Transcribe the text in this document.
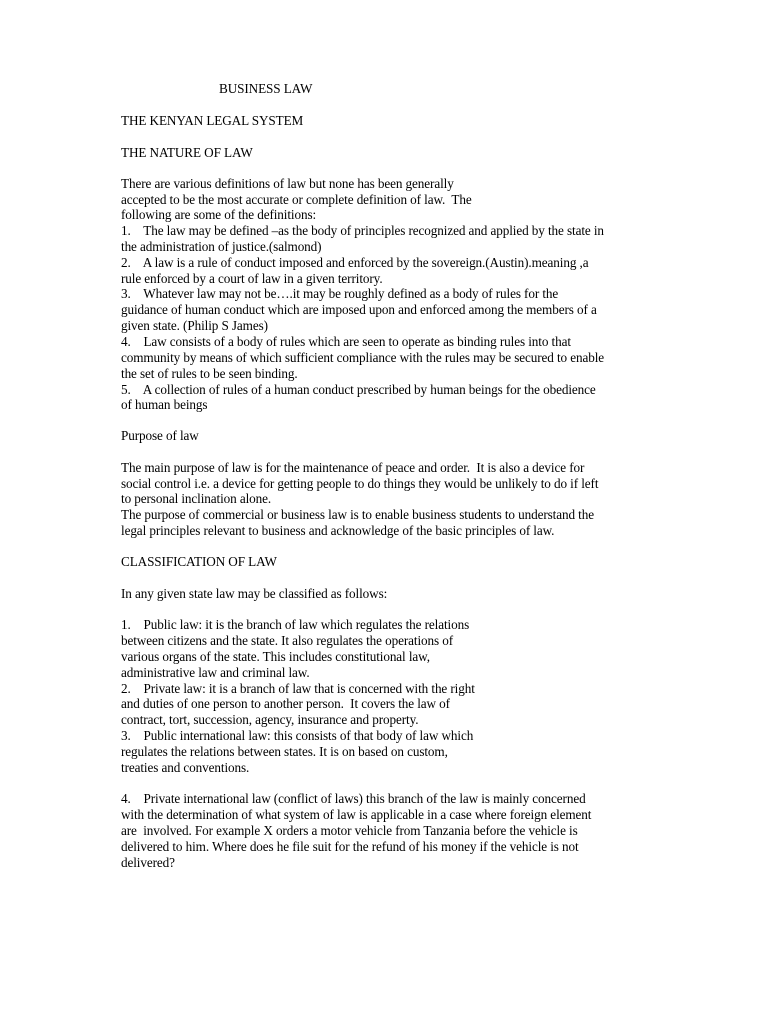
BUSINESS LAW
THE KENYAN LEGAL SYSTEM
THE NATURE OF LAW
There are various definitions of law but none has been generally
accepted to be the most accurate or complete definition of law.  The
following are some of the definitions:
1.    The law may be defined –as the body of principles recognized and applied by the state in
the administration of justice.(salmond)
2.    A law is a rule of conduct imposed and enforced by the sovereign.(Austin).meaning ,a
rule enforced by a court of law in a given territory.
3.    Whatever law may not be….it may be roughly defined as a body of rules for the
guidance of human conduct which are imposed upon and enforced among the members of a
given state. (Philip S James)
4.    Law consists of a body of rules which are seen to operate as binding rules into that
community by means of which sufficient compliance with the rules may be secured to enable
the set of rules to be seen binding.
5.    A collection of rules of a human conduct prescribed by human beings for the obedience
of human beings
Purpose of law
The main purpose of law is for the maintenance of peace and order.  It is also a device for
social control i.e. a device for getting people to do things they would be unlikely to do if left
to personal inclination alone.
The purpose of commercial or business law is to enable business students to understand the
legal principles relevant to business and acknowledge of the basic principles of law.
CLASSIFICATION OF LAW
In any given state law may be classified as follows:
1.    Public law: it is the branch of law which regulates the relations
between citizens and the state. It also regulates the operations of
various organs of the state. This includes constitutional law,
administrative law and criminal law.
2.    Private law: it is a branch of law that is concerned with the right
and duties of one person to another person.  It covers the law of
contract, tort, succession, agency, insurance and property.
3.    Public international law: this consists of that body of law which
regulates the relations between states. It is on based on custom,
treaties and conventions.
4.    Private international law (conflict of laws) this branch of the law is mainly concerned
with the determination of what system of law is applicable in a case where foreign element
are  involved. For example X orders a motor vehicle from Tanzania before the vehicle is
delivered to him. Where does he file suit for the refund of his money if the vehicle is not
delivered?
